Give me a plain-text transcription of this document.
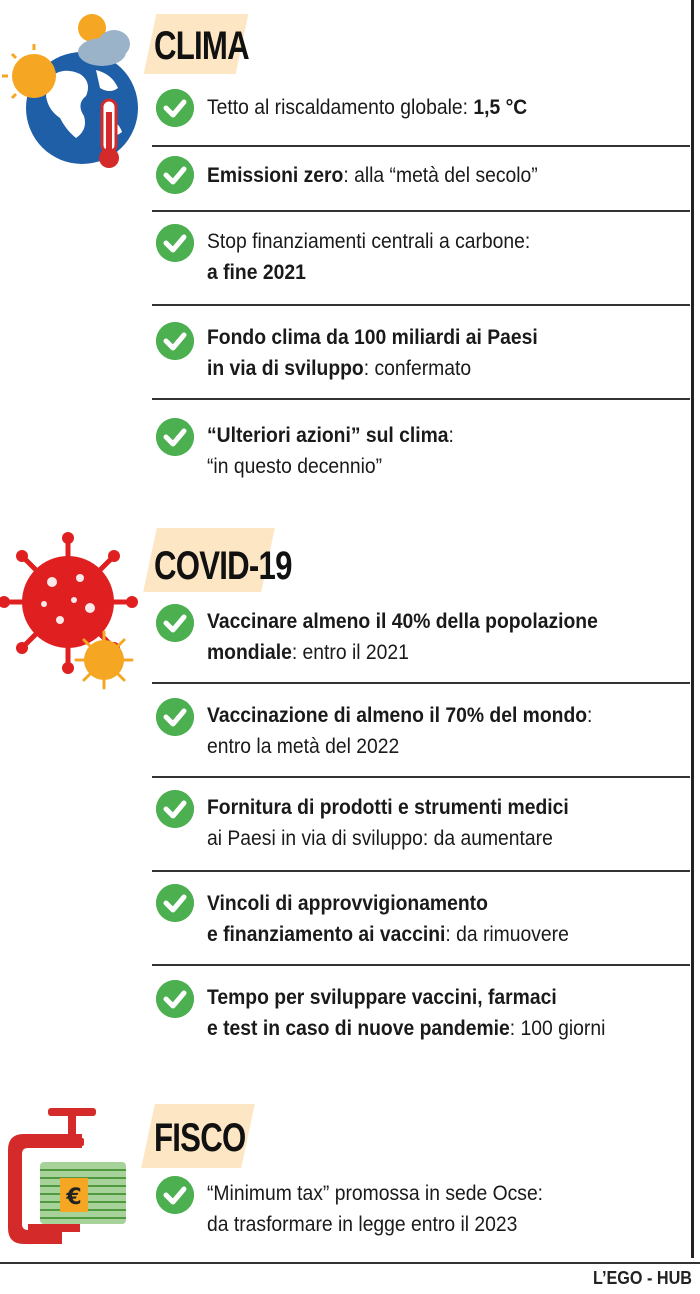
CLIMA
Tetto al riscaldamento globale: 1,5 °C
Emissioni zero: alla “metà del secolo”
Stop finanziamenti centrali a carbone:
a fine 2021
Fondo clima da 100 miliardi ai Paesi
in via di sviluppo: confermato
“Ulteriori azioni” sul clima:
“in questo decennio”
COVID-19
Vaccinare almeno il 40% della popolazione
mondiale: entro il 2021
Vaccinazione di almeno il 70% del mondo:
entro la metà del 2022
Fornitura di prodotti e strumenti medici
ai Paesi in via di sviluppo: da aumentare
Vincoli di approvvigionamento
e finanziamento ai vaccini: da rimuovere
Tempo per sviluppare vaccini, farmaci
e test in caso di nuove pandemie: 100 giorni
€
FISCO
“Minimum tax” promossa in sede Ocse:
da trasformare in legge entro il 2023
L’EGO - HUB
